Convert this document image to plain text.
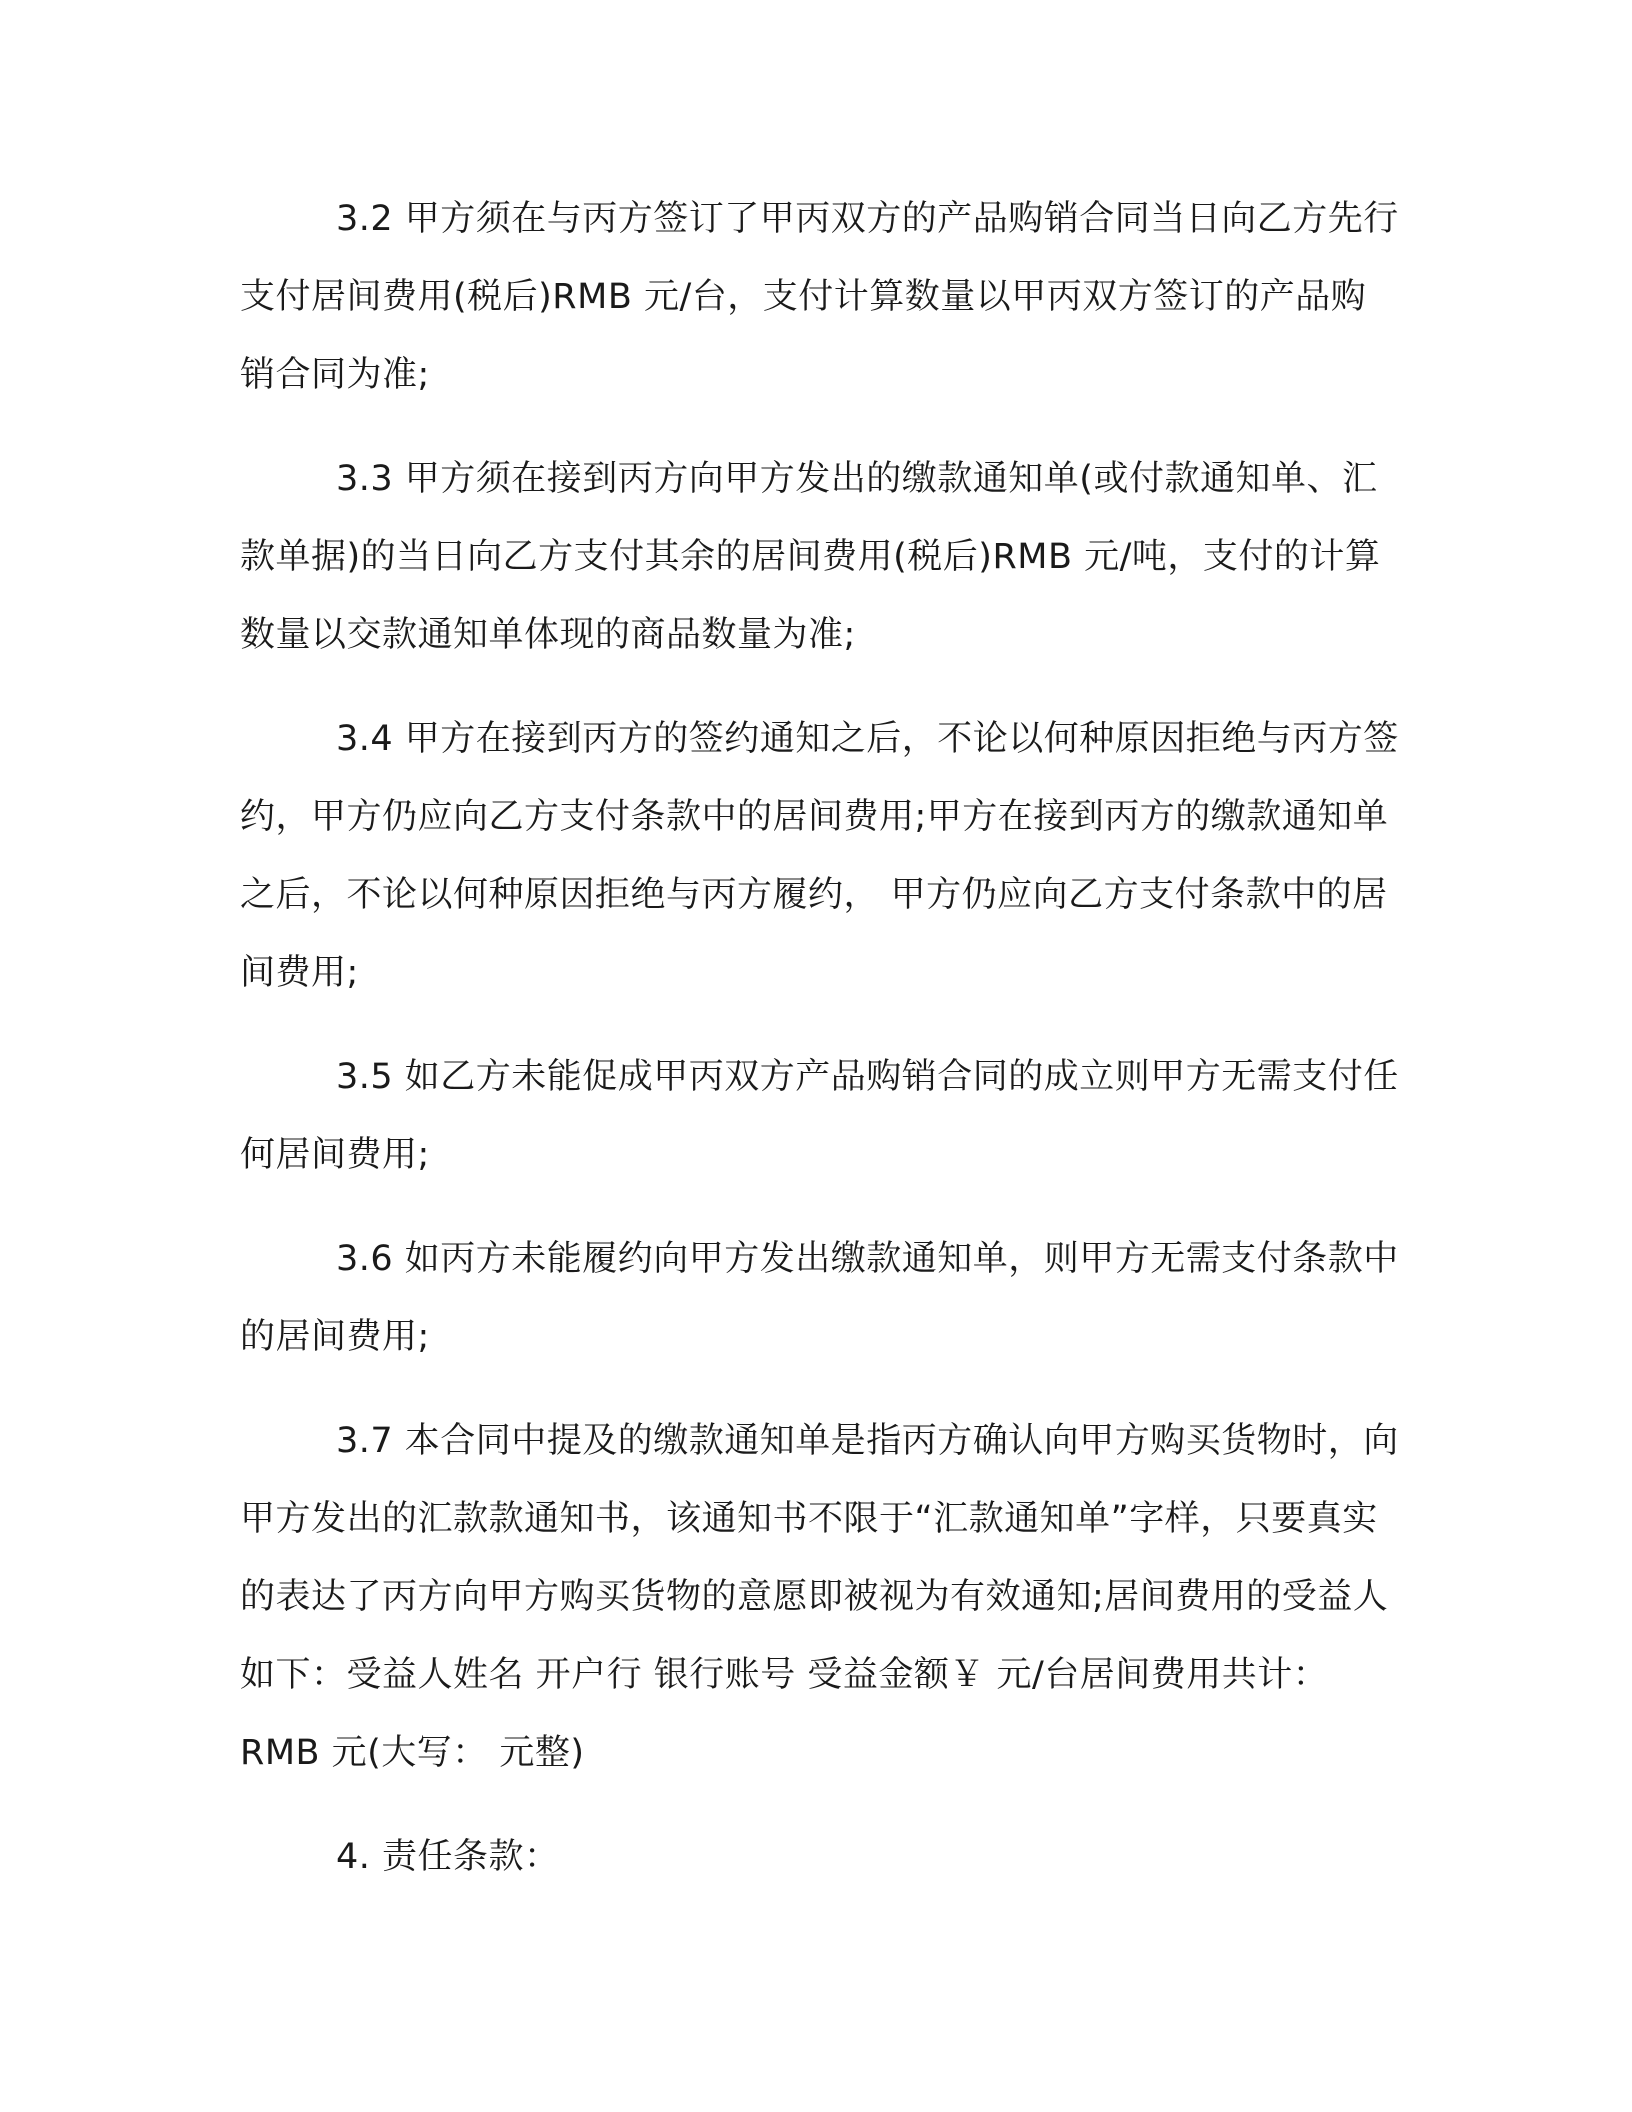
3.2 甲方须在与丙方签订了甲丙双方的产品购销合同当日向乙方先行支付居间费用(税后)RMB 元/台，支付计算数量以甲丙双方签订的产品购销合同为准;

3.3 甲方须在接到丙方向甲方发出的缴款通知单(或付款通知单、汇款单据)的当日向乙方支付其余的居间费用(税后)RMB 元/吨，支付的计算数量以交款通知单体现的商品数量为准;

3.4 甲方在接到丙方的签约通知之后，不论以何种原因拒绝与丙方签约，甲方仍应向乙方支付条款中的居间费用;甲方在接到丙方的缴款通知单之后，不论以何种原因拒绝与丙方履约， 甲方仍应向乙方支付条款中的居间费用;

3.5 如乙方未能促成甲丙双方产品购销合同的成立则甲方无需支付任何居间费用;

3.6 如丙方未能履约向甲方发出缴款通知单，则甲方无需支付条款中的居间费用;

3.7 本合同中提及的缴款通知单是指丙方确认向甲方购买货物时，向甲方发出的汇款款通知书，该通知书不限于“汇款通知单”字样，只要真实的表达了丙方向甲方购买货物的意愿即被视为有效通知;居间费用的受益人如下：受益人姓名 开户行 银行账号 受益金额￥ 元/台居间费用共计：RMB 元(大写： 元整)

4. 责任条款：
